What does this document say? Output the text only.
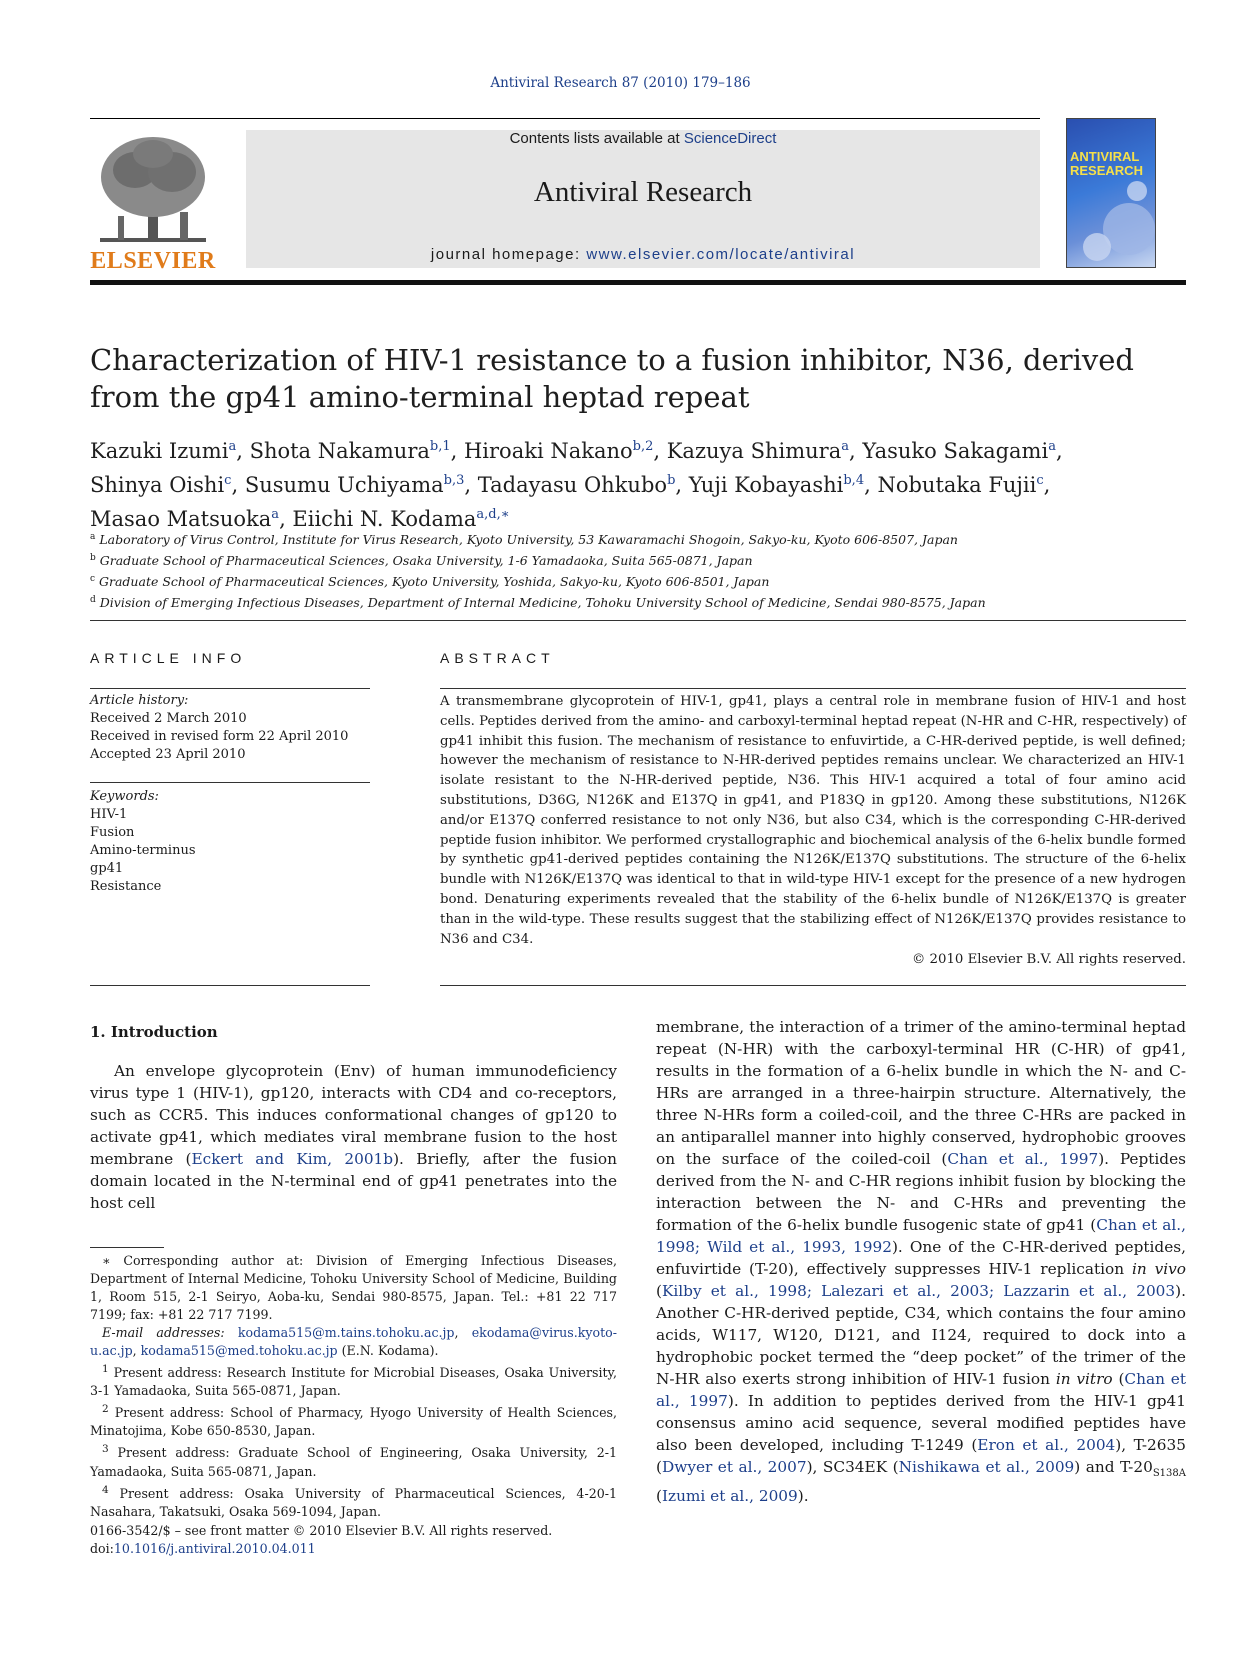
Antiviral Research 87 (2010) 179–186
ELSEVIER
Contents lists available at ScienceDirect
Antiviral Research
journal homepage: www.elsevier.com/locate/antiviral
ANTIVIRAL RESEARCH
Characterization of HIV-1 resistance to a fusion inhibitor, N36, derived from the gp41 amino-terminal heptad repeat
Kazuki Izumi$^a$, Shota Nakamura$^{b,1}$, Hiroaki Nakano$^{b,2}$, Kazuya Shimura$^a$, Yasuko Sakagami$^a$,
Shinya Oishi$^c$, Susumu Uchiyama$^{b,3}$, Tadayasu Ohkubo$^b$, Yuji Kobayashi$^{b,4}$, Nobutaka Fujii$^c$,
Masao Matsuoka$^a$, Eiichi N. Kodama$^{a,d,∗}$
$^a$ Laboratory of Virus Control, Institute for Virus Research, Kyoto University, 53 Kawaramachi Shogoin, Sakyo-ku, Kyoto 606-8507, Japan
$^b$ Graduate School of Pharmaceutical Sciences, Osaka University, 1-6 Yamadaoka, Suita 565-0871, Japan
$^c$ Graduate School of Pharmaceutical Sciences, Kyoto University, Yoshida, Sakyo-ku, Kyoto 606-8501, Japan
$^d$ Division of Emerging Infectious Diseases, Department of Internal Medicine, Tohoku University School of Medicine, Sendai 980-8575, Japan
ARTICLE INFO
Article history:
Received 2 March 2010
Received in revised form 22 April 2010
Accepted 23 April 2010
Keywords:
HIV-1
Fusion
Amino-terminus
gp41
Resistance
ABSTRACT
A transmembrane glycoprotein of HIV-1, gp41, plays a central role in membrane fusion of HIV-1 and host cells. Peptides derived from the amino- and carboxyl-terminal heptad repeat (N-HR and C-HR, respectively) of gp41 inhibit this fusion. The mechanism of resistance to enfuvirtide, a C-HR-derived peptide, is well defined; however the mechanism of resistance to N-HR-derived peptides remains unclear. We characterized an HIV-1 isolate resistant to the N-HR-derived peptide, N36. This HIV-1 acquired a total of four amino acid substitutions, D36G, N126K and E137Q in gp41, and P183Q in gp120. Among these substitutions, N126K and/or E137Q conferred resistance to not only N36, but also C34, which is the corresponding C-HR-derived peptide fusion inhibitor. We performed crystallographic and biochemical analysis of the 6-helix bundle formed by synthetic gp41-derived peptides containing the N126K/E137Q substitutions. The structure of the 6-helix bundle with N126K/E137Q was identical to that in wild-type HIV-1 except for the presence of a new hydrogen bond. Denaturing experiments revealed that the stability of the 6-helix bundle of N126K/E137Q is greater than in the wild-type. These results suggest that the stabilizing effect of N126K/E137Q provides resistance to N36 and C34.
© 2010 Elsevier B.V. All rights reserved.
1. Introduction
An envelope glycoprotein (Env) of human immunodeficiency virus type 1 (HIV-1), gp120, interacts with CD4 and co-receptors, such as CCR5. This induces conformational changes of gp120 to activate gp41, which mediates viral membrane fusion to the host membrane (Eckert and Kim, 2001b). Briefly, after the fusion domain located in the N-terminal end of gp41 penetrates into the host cell
membrane, the interaction of a trimer of the amino-terminal heptad repeat (N-HR) with the carboxyl-terminal HR (C-HR) of gp41, results in the formation of a 6-helix bundle in which the N- and C-HRs are arranged in a three-hairpin structure. Alternatively, the three N-HRs form a coiled-coil, and the three C-HRs are packed in an antiparallel manner into highly conserved, hydrophobic grooves on the surface of the coiled-coil (Chan et al., 1997). Peptides derived from the N- and C-HR regions inhibit fusion by blocking the interaction between the N- and C-HRs and preventing the formation of the 6-helix bundle fusogenic state of gp41 (Chan et al., 1998; Wild et al., 1993, 1992). One of the C-HR-derived peptides, enfuvirtide (T-20), effectively suppresses HIV-1 replication in vivo (Kilby et al., 1998; Lalezari et al., 2003; Lazzarin et al., 2003). Another C-HR-derived peptide, C34, which contains the four amino acids, W117, W120, D121, and I124, required to dock into a hydrophobic pocket termed the “deep pocket” of the trimer of the N-HR also exerts strong inhibition of HIV-1 fusion in vitro (Chan et al., 1997). In addition to peptides derived from the HIV-1 gp41 consensus amino acid sequence, several modified peptides have also been developed, including T-1249 (Eron et al., 2004), T-2635 (Dwyer et al., 2007), SC34EK (Nishikawa et al., 2009) and $T-20_{S138A}$ (Izumi et al., 2009).

∗ Corresponding author at: Division of Emerging Infectious Diseases, Department of Internal Medicine, Tohoku University School of Medicine, Building 1, Room 515, 2-1 Seiryo, Aoba-ku, Sendai 980-8575, Japan. Tel.: +81 22 717 7199; fax: +81 22 717 7199.

E-mail addresses: kodama515@m.tains.tohoku.ac.jp, ekodama@virus.kyoto-u.ac.jp, kodama515@med.tohoku.ac.jp (E.N. Kodama).

$^1$ Present address: Research Institute for Microbial Diseases, Osaka University, 3-1 Yamadaoka, Suita 565-0871, Japan.

$^2$ Present address: School of Pharmacy, Hyogo University of Health Sciences, Minatojima, Kobe 650-8530, Japan.

$^3$ Present address: Graduate School of Engineering, Osaka University, 2-1 Yamadaoka, Suita 565-0871, Japan.

$^4$ Present address: Osaka University of Pharmaceutical Sciences, 4-20-1 Nasahara, Takatsuki, Osaka 569-1094, Japan.

0166-3542/$ – see front matter © 2010 Elsevier B.V. All rights reserved.
doi:10.1016/j.antiviral.2010.04.011
